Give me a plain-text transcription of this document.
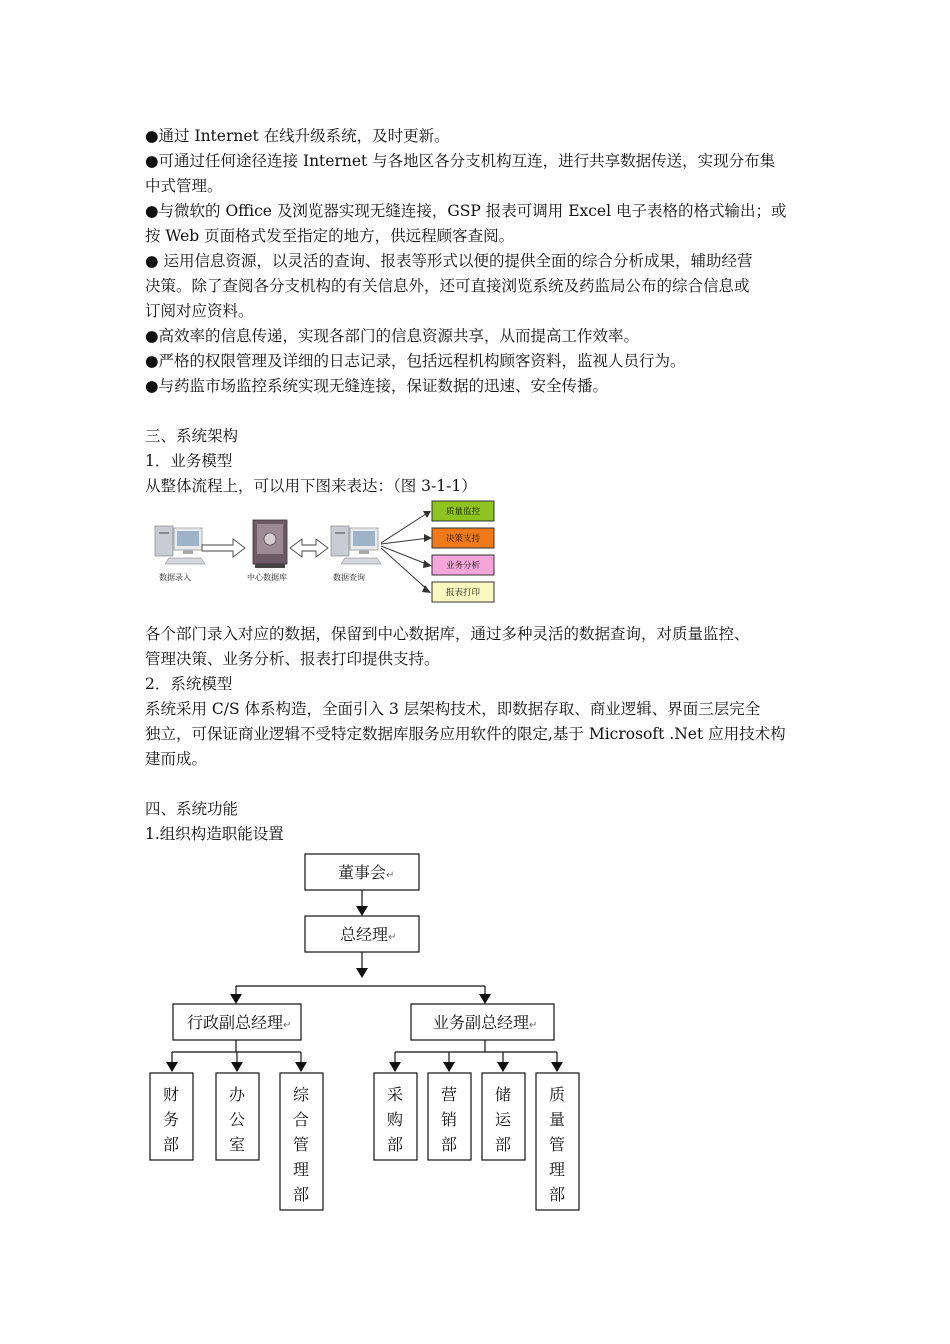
●通过 Internet 在线升级系统，及时更新。
●可通过任何途径连接 Internet 与各地区各分支机构互连，进行共享数据传送，实现分布集
中式管理。
●与微软的 Office 及浏览器实现无缝连接，GSP 报表可调用 Excel 电子表格的格式输出；或
按 Web 页面格式发至指定的地方，供远程顾客查阅。
● 运用信息资源，以灵活的查询、报表等形式以便的提供全面的综合分析成果，辅助经营
决策。除了查阅各分支机构的有关信息外，还可直接浏览系统及药监局公布的综合信息或
订阅对应资料。
●高效率的信息传递，实现各部门的信息资源共享，从而提高工作效率。
●严格的权限管理及详细的日志记录，包括远程机构顾客资料，监视人员行为。
●与药监市场监控系统实现无缝连接，保证数据的迅速、安全传播。
三、系统架构
1．业务模型
从整体流程上，可以用下图来表达：（图 3-1-1）
数据录入	中心数据库	数据查询
质量监控
决策支持
业务分析
报表打印
各个部门录入对应的数据，保留到中心数据库，通过多种灵活的数据查询，对质量监控、
管理决策、业务分析、报表打印提供支持。
2．系统模型
系统采用 C/S 体系构造，全面引入 3 层架构技术，即数据存取、商业逻辑、界面三层完全
独立，可保证商业逻辑不受特定数据库服务应用软件的限定,基于 Microsoft .Net 应用技术构
建而成。
四、系统功能
1.组织构造职能设置
董事会↵
总经理↵
行政副总经理↵	业务副总经理↵
财务部
办公室
综合管理部
采购部
营销部
储运部
质量管理部
